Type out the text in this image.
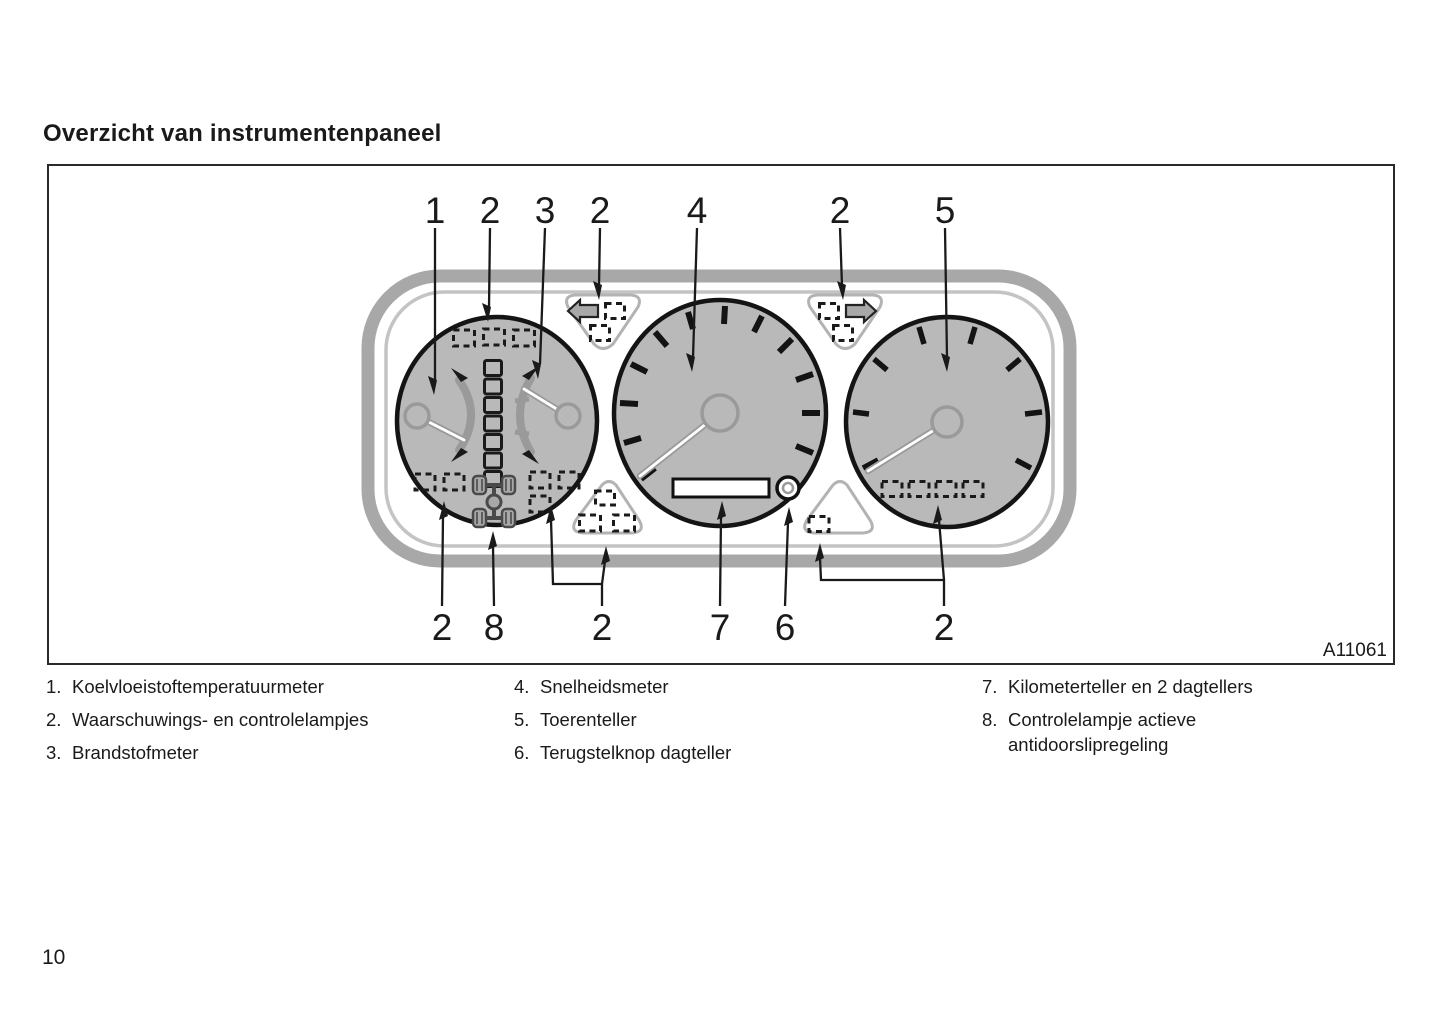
Overzicht van instrumentenpaneel
1 2 3 2 4	2 5
2 8 2	7 6	2
A11061
1. Koelvloeistoftemperatuurmeter
2. Waarschuwings- en controlelampjes
3. Brandstofmeter
4. Snelheidsmeter
5. Toerenteller
6. Terugstelknop dagteller
7. Kilometerteller en 2 dagtellers
8. Controlelampje actieve antidoorslipregeling
10
